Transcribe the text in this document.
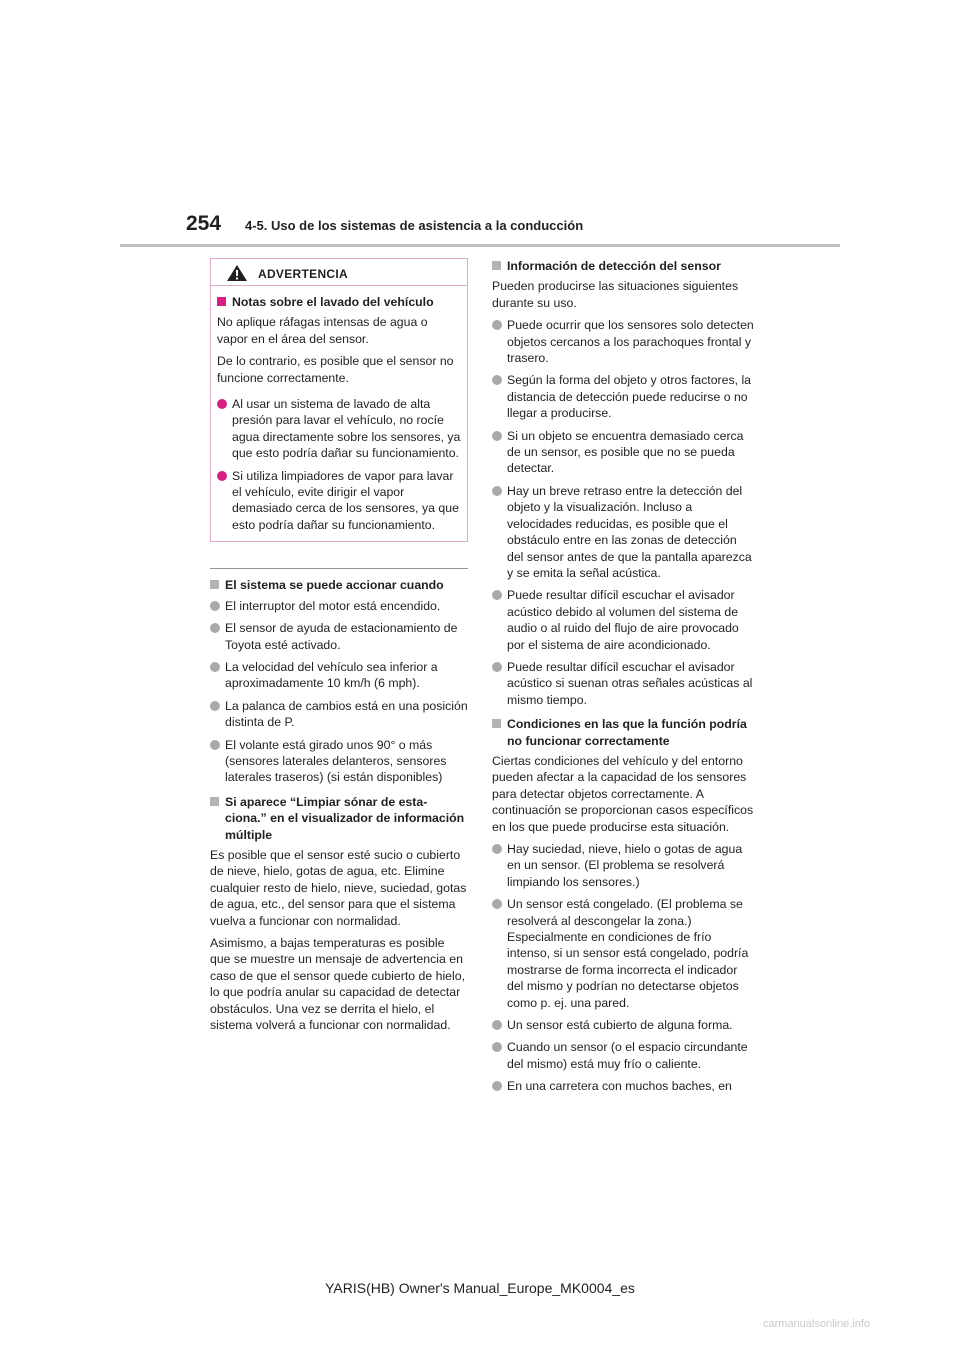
254 4-5. Uso de los sistemas de asistencia a la conducción
ADVERTENCIA
Notas sobre el lavado del vehículo

No aplique ráfagas intensas de agua o vapor en el área del sensor.

De lo contrario, es posible que el sensor no funcione correctamente.

Al usar un sistema de lavado de alta presión para lavar el vehículo, no rocíe agua directamente sobre los sensores, ya que esto podría dañar su funcionamiento.
Si utiliza limpiadores de vapor para lavar el vehículo, evite dirigir el vapor demasiado cerca de los sensores, ya que esto podría dañar su funcionamiento.
El sistema se puede accionar cuando
El interruptor del motor está encendido.
El sensor de ayuda de estacionamiento de Toyota esté activado.
La velocidad del vehículo sea inferior a aproximadamente 10 km/h (6 mph).
La palanca de cambios está en una posición distinta de P.
El volante está girado unos 90° o más (sensores laterales delanteros, sensores laterales traseros) (si están disponibles)
Si aparece “Limpiar sónar de esta- ciona.” en el visualizador de información múltiple

Es posible que el sensor esté sucio o cubierto de nieve, hielo, gotas de agua, etc. Elimine cualquier resto de hielo, nieve, suciedad, gotas de agua, etc., del sensor para que el sistema vuelva a funcionar con normalidad.

Asimismo, a bajas temperaturas es posible que se muestre un mensaje de advertencia en caso de que el sensor quede cubierto de hielo, lo que podría anular su capacidad de detectar obstáculos. Una vez se derrita el hielo, el sistema volverá a funcionar con normalidad.

Información de detección del sensor

Pueden producirse las situaciones siguientes durante su uso.

Puede ocurrir que los sensores solo detecten objetos cercanos a los parachoques frontal y trasero.
Según la forma del objeto y otros factores, la distancia de detección puede reducirse o no llegar a producirse.
Si un objeto se encuentra demasiado cerca de un sensor, es posible que no se pueda detectar.
Hay un breve retraso entre la detección del objeto y la visualización. Incluso a velocidades reducidas, es posible que el obstáculo entre en las zonas de detección del sensor antes de que la pantalla aparezca y se emita la señal acústica.
Puede resultar difícil escuchar el avisador acústico debido al volumen del sistema de audio o al ruido del flujo de aire provocado por el sistema de aire acondicionado.
Puede resultar difícil escuchar el avisador acústico si suenan otras señales acústicas al mismo tiempo.
Condiciones en las que la función podría no funcionar correctamente

Ciertas condiciones del vehículo y del entorno pueden afectar a la capacidad de los sensores para detectar objetos correctamente. A continuación se proporcionan casos específicos en los que puede producirse esta situación.

Hay suciedad, nieve, hielo o gotas de agua en un sensor. (El problema se resolverá limpiando los sensores.)
Un sensor está congelado. (El problema se resolverá al descongelar la zona.) Especialmente en condiciones de frío intenso, si un sensor está congelado, podría mostrarse de forma incorrecta el indicador del mismo y podrían no detectarse objetos como p. ej. una pared.
Un sensor está cubierto de alguna forma.
Cuando un sensor (o el espacio circundante del mismo) está muy frío o caliente.
En una carretera con muchos baches, en
YARIS(HB) Owner's Manual_Europe_MK0004_es
carmanualsonline.info
